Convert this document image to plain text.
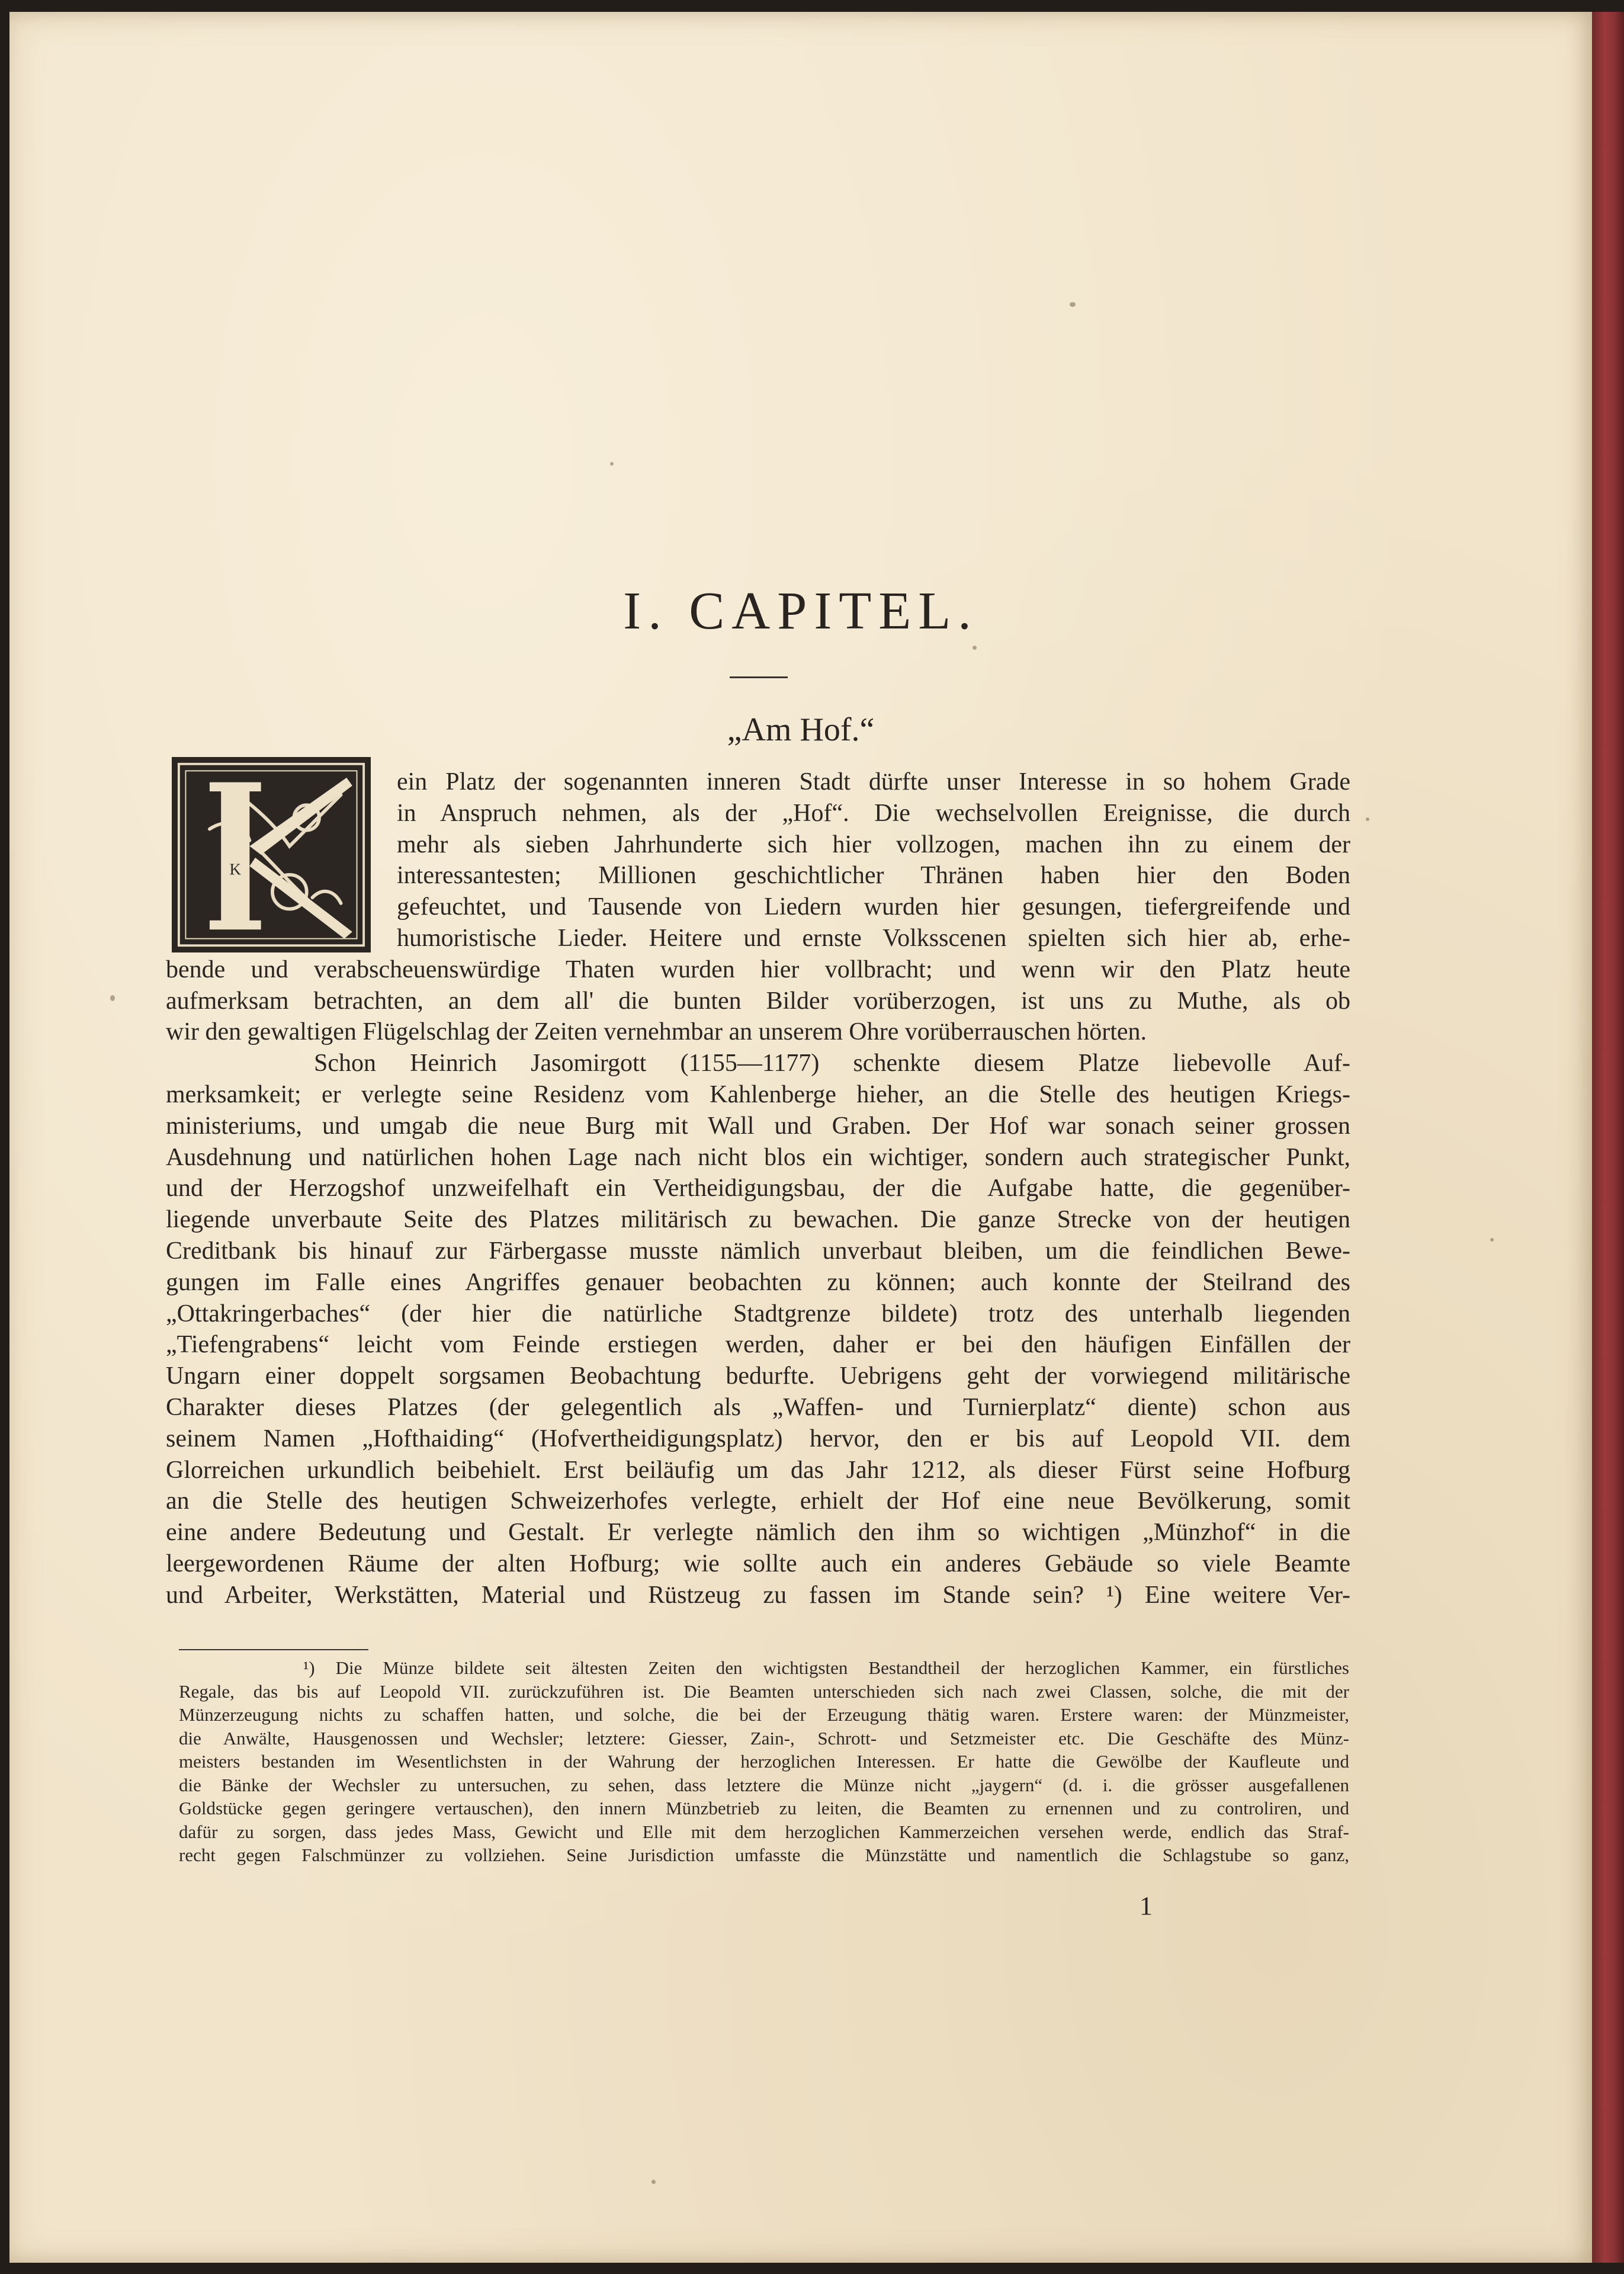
I. CAPITEL.
„Am Hof.“
K
ein Platz der sogenannten inneren Stadt dürfte unser Interesse in so hohem Grade
in Anspruch nehmen, als der „Hof“. Die wechselvollen Ereignisse, die durch
mehr als sieben Jahrhunderte sich hier vollzogen, machen ihn zu einem der
interessantesten; Millionen geschichtlicher Thränen haben hier den Boden
gefeuchtet, und Tausende von Liedern wurden hier gesungen, tiefergreifende und
humoristische Lieder. Heitere und ernste Volksscenen spielten sich hier ab, erhe-
bende und verabscheuenswürdige Thaten wurden hier vollbracht; und wenn wir den Platz heute
aufmerksam betrachten, an dem all' die bunten Bilder vorüberzogen, ist uns zu Muthe, als ob
wir den gewaltigen Flügelschlag der Zeiten vernehmbar an unserem Ohre vorüberrauschen hörten.
Schon Heinrich Jasomirgott (1155—1177) schenkte diesem Platze liebevolle Auf-
merksamkeit; er verlegte seine Residenz vom Kahlenberge hieher, an die Stelle des heutigen Kriegs-
ministeriums, und umgab die neue Burg mit Wall und Graben. Der Hof war sonach seiner grossen
Ausdehnung und natürlichen hohen Lage nach nicht blos ein wichtiger, sondern auch strategischer Punkt,
und der Herzogshof unzweifelhaft ein Vertheidigungsbau, der die Aufgabe hatte, die gegenüber-
liegende unverbaute Seite des Platzes militärisch zu bewachen. Die ganze Strecke von der heutigen
Creditbank bis hinauf zur Färbergasse musste nämlich unverbaut bleiben, um die feindlichen Bewe-
gungen im Falle eines Angriffes genauer beobachten zu können; auch konnte der Steilrand des
„Ottakringerbaches“ (der hier die natürliche Stadtgrenze bildete) trotz des unterhalb liegenden
„Tiefengrabens“ leicht vom Feinde erstiegen werden, daher er bei den häufigen Einfällen der
Ungarn einer doppelt sorgsamen Beobachtung bedurfte. Uebrigens geht der vorwiegend militärische
Charakter dieses Platzes (der gelegentlich als „Waffen- und Turnierplatz“ diente) schon aus
seinem Namen „Hofthaiding“ (Hofvertheidigungsplatz) hervor, den er bis auf Leopold VII. dem
Glorreichen urkundlich beibehielt. Erst beiläufig um das Jahr 1212, als dieser Fürst seine Hofburg
an die Stelle des heutigen Schweizerhofes verlegte, erhielt der Hof eine neue Bevölkerung, somit
eine andere Bedeutung und Gestalt. Er verlegte nämlich den ihm so wichtigen „Münzhof“ in die
leergewordenen Räume der alten Hofburg; wie sollte auch ein anderes Gebäude so viele Beamte
und Arbeiter, Werkstätten, Material und Rüstzeug zu fassen im Stande sein? ¹) Eine weitere Ver-
¹) Die Münze bildete seit ältesten Zeiten den wichtigsten Bestandtheil der herzoglichen Kammer, ein fürstliches
Regale, das bis auf Leopold VII. zurückzuführen ist. Die Beamten unterschieden sich nach zwei Classen, solche, die mit der
Münzerzeugung nichts zu schaffen hatten, und solche, die bei der Erzeugung thätig waren. Erstere waren: der Münzmeister,
die Anwälte, Hausgenossen und Wechsler; letztere: Giesser, Zain-, Schrott- und Setzmeister etc. Die Geschäfte des Münz-
meisters bestanden im Wesentlichsten in der Wahrung der herzoglichen Interessen. Er hatte die Gewölbe der Kaufleute und
die Bänke der Wechsler zu untersuchen, zu sehen, dass letztere die Münze nicht „jaygern“ (d. i. die grösser ausgefallenen
Goldstücke gegen geringere vertauschen), den innern Münzbetrieb zu leiten, die Beamten zu ernennen und zu controliren, und
dafür zu sorgen, dass jedes Mass, Gewicht und Elle mit dem herzoglichen Kammerzeichen versehen werde, endlich das Straf-
recht gegen Falschmünzer zu vollziehen. Seine Jurisdiction umfasste die Münzstätte und namentlich die Schlagstube so ganz,

1
